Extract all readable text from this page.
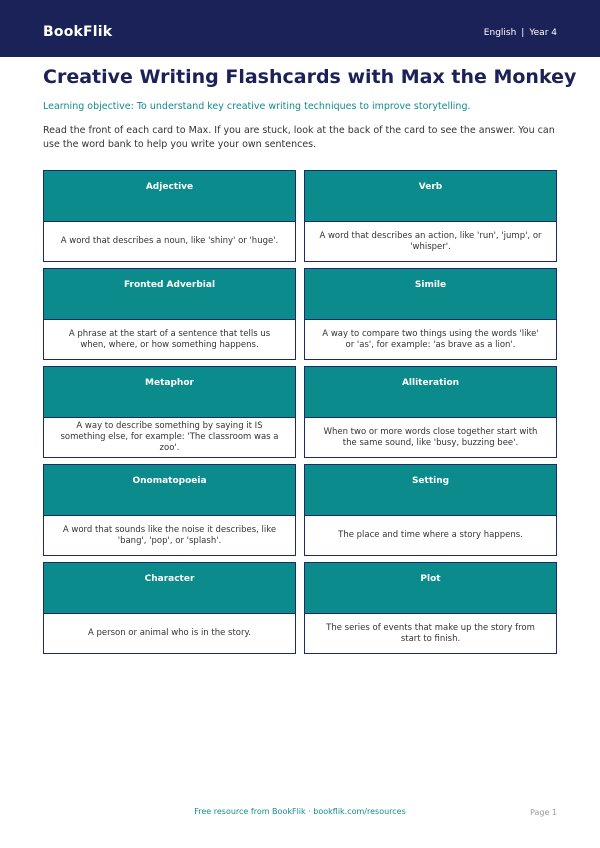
BookFlik	English | Year 4
Creative Writing Flashcards with Max the Monkey

Learning objective: To understand key creative writing techniques to improve storytelling.

Read the front of each card to Max. If you are stuck, look at the back of the card to see the answer. You can use the word bank to help you write your own sentences.

Adjective
A word that describes a noun, like 'shiny' or 'huge'.
Verb
A word that describes an action, like 'run', 'jump', or 'whisper'.
Fronted Adverbial
A phrase at the start of a sentence that tells us when, where, or how something happens.
Simile
A way to compare two things using the words 'like' or 'as', for example: 'as brave as a lion'.
Metaphor
A way to describe something by saying it IS something else, for example: 'The classroom was a zoo'.
Alliteration
When two or more words close together start with the same sound, like 'busy, buzzing bee'.
Onomatopoeia
A word that sounds like the noise it describes, like 'bang', 'pop', or 'splash'.
Setting
The place and time where a story happens.
Character
A person or animal who is in the story.
Plot
The series of events that make up the story from start to finish.
Free resource from BookFlik · bookflik.com/resources	Page 1
